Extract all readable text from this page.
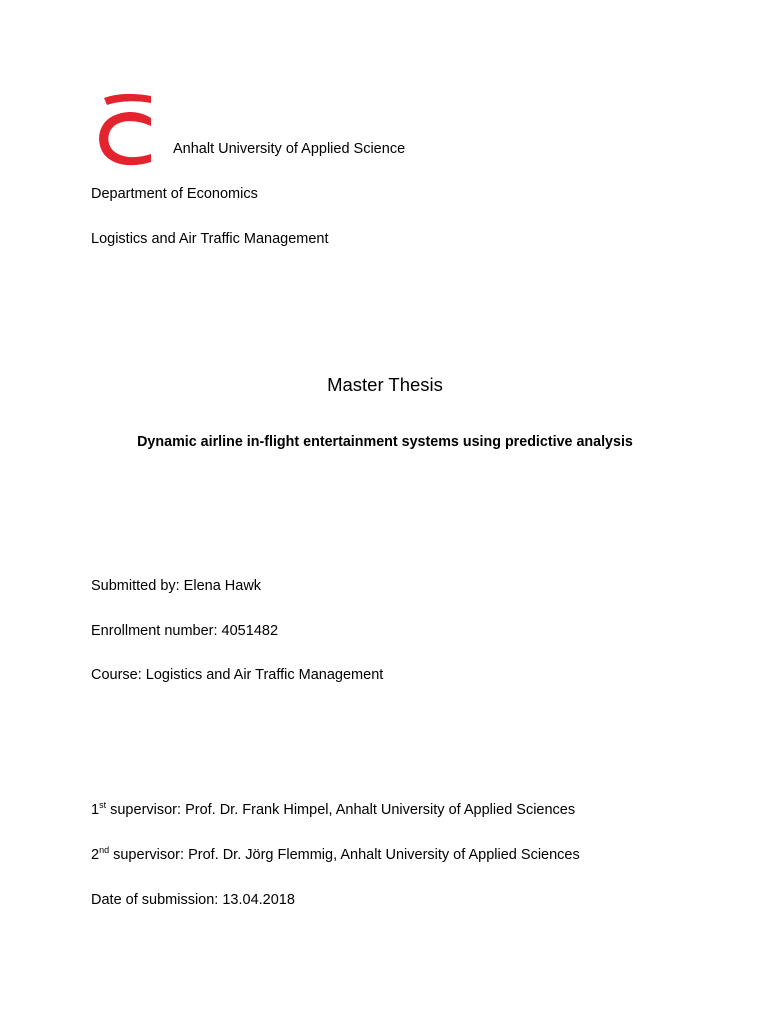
Anhalt University of Applied Science
Department of Economics
Logistics and Air Traffic Management
Master Thesis
Dynamic airline in-flight entertainment systems using predictive analysis
Submitted by: Elena Hawk
Enrollment number: 4051482
Course: Logistics and Air Traffic Management
1st supervisor: Prof. Dr. Frank Himpel, Anhalt University of Applied Sciences
2nd supervisor: Prof. Dr. Jörg Flemmig, Anhalt University of Applied Sciences
Date of submission: 13.04.2018
